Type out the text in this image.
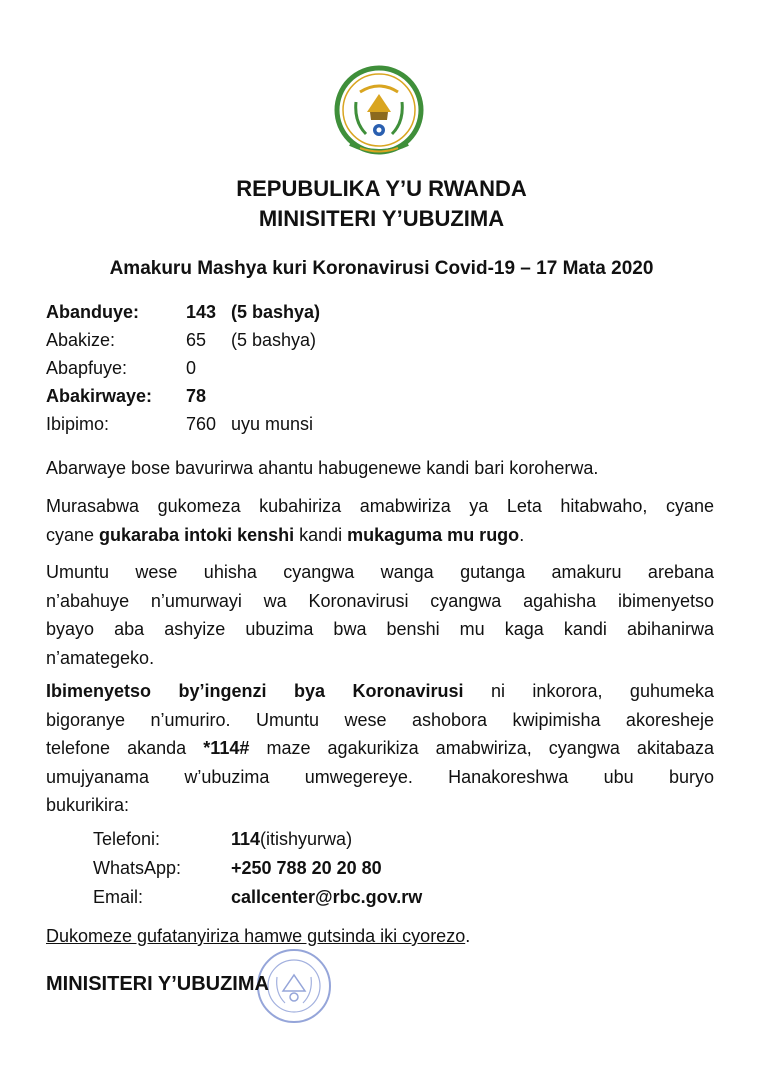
REPUBULIKA Y’U RWANDA
MINISITERI Y’UBUZIMA
Amakuru Mashya kuri Koronavirusi Covid-19 – 17 Mata 2020
Abanduye:	143 (5 bashya)
Abakize:	65 (5 bashya)
Abapfuye:	0
Abakirwaye: 78
Ibipimo:	760 uyu munsi
Abarwaye bose bavurirwa ahantu habugenewe kandi bari koroherwa.
Murasabwa gukomeza kubahiriza amabwiriza ya Leta hitabwaho, cyane
cyane gukaraba intoki kenshi kandi mukaguma mu rugo.
Umuntu wese uhisha cyangwa wanga gutanga amakuru arebana
n’abahuye n’umurwayi wa Koronavirusi cyangwa agahisha ibimenyetso
byayo aba ashyize ubuzima bwa benshi mu kaga kandi abihanirwa
n’amategeko.
Ibimenyetso by’ingenzi bya Koronavirusi ni inkorora, guhumeka
bigoranye n’umuriro. Umuntu wese ashobora kwipimisha akoresheje
telefone akanda *114# maze agakurikiza amabwiriza, cyangwa akitabaza
umujyanama w’ubuzima umwegereye. Hanakoreshwa ubu buryo
bukurikira:
Telefoni:	114 (itishyurwa)
WhatsApp:	+250 788 20 20 80
Email:	callcenter@rbc.gov.rw
Dukomeze gufatanyiriza hamwe gutsinda iki cyorezo.
MINISITERI Y’UBUZIMA
